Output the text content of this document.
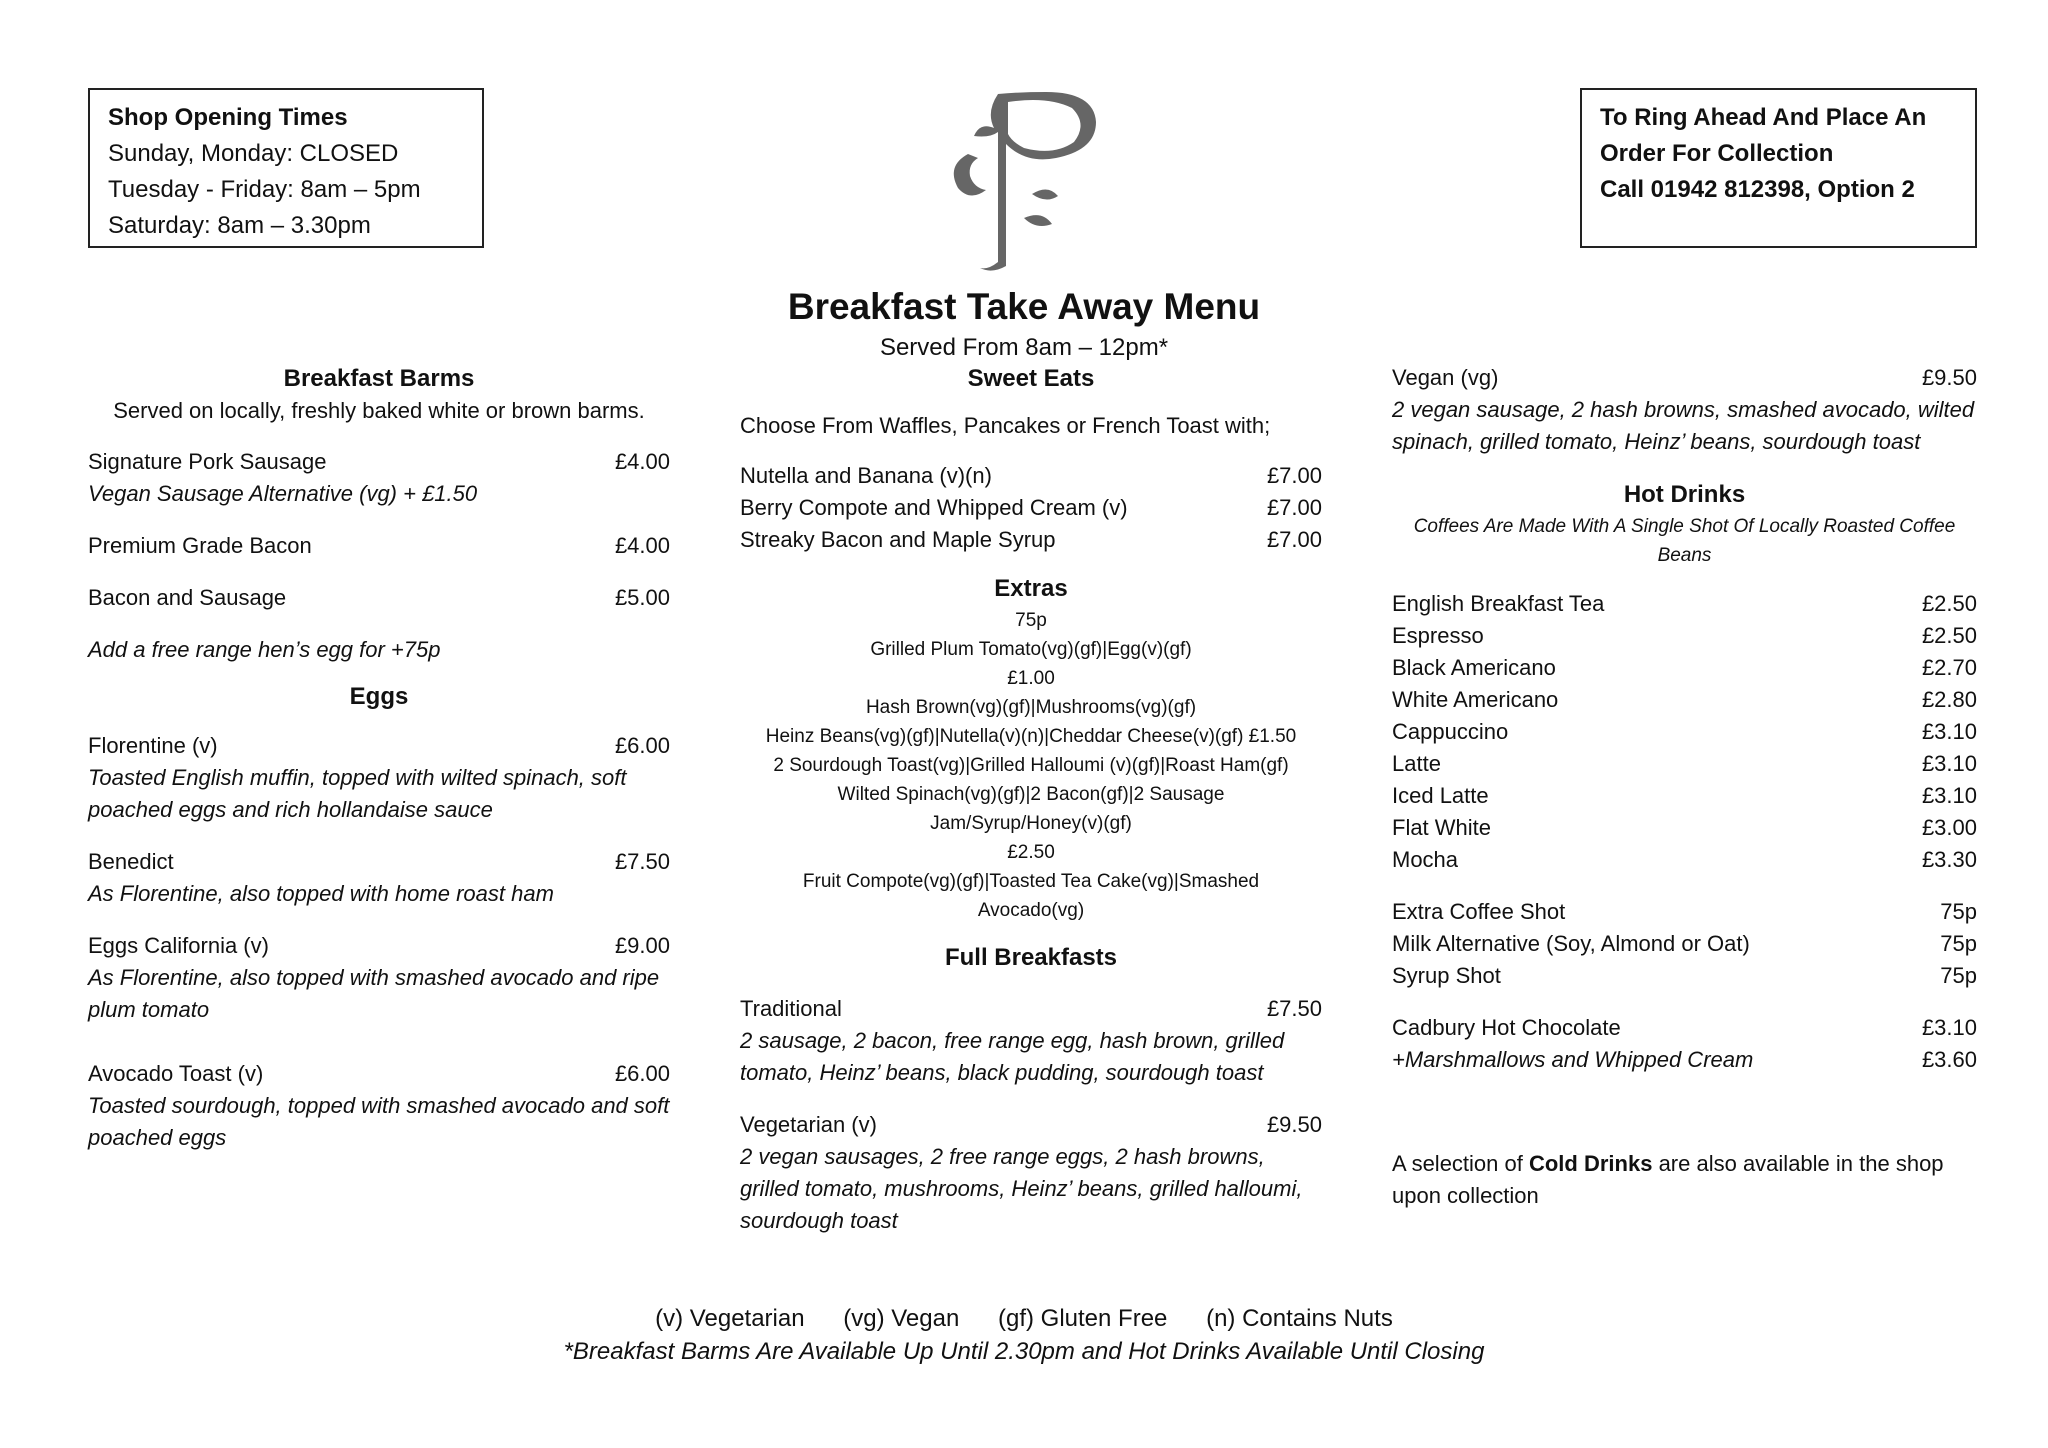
Shop Opening Times
Sunday, Monday: CLOSED
Tuesday - Friday: 8am – 5pm
Saturday: 8am – 3.30pm
Breakfast Take Away Menu
Served From 8am – 12pm*
To Ring Ahead And Place An
Order For Collection
Call 01942 812398, Option 2
Breakfast Barms
Served on locally, freshly baked white or brown barms.
Signature Pork Sausage	£4.00
Vegan Sausage Alternative (vg) + £1.50
Premium Grade Bacon	£4.00
Bacon and Sausage	£5.00
Add a free range hen’s egg for +75p
Eggs
Florentine (v)	£6.00
Toasted English muffin, topped with wilted spinach, soft poached eggs and rich hollandaise sauce
Benedict	£7.50
As Florentine, also topped with home roast ham
Eggs California (v)	£9.00
As Florentine, also topped with smashed avocado and ripe plum tomato
Avocado Toast (v)	£6.00
Toasted sourdough, topped with smashed avocado and soft poached eggs
Sweet Eats
Choose From Waffles, Pancakes or French Toast with;
Nutella and Banana (v)(n)	£7.00
Berry Compote and Whipped Cream (v)	£7.00
Streaky Bacon and Maple Syrup	£7.00
Extras
75p
Grilled Plum Tomato(vg)(gf)|Egg(v)(gf)
£1.00
Hash Brown(vg)(gf)|Mushrooms(vg)(gf)
Heinz Beans(vg)(gf)|Nutella(v)(n)|Cheddar Cheese(v)(gf) £1.50
2 Sourdough Toast(vg)|Grilled Halloumi (v)(gf)|Roast Ham(gf)
Wilted Spinach(vg)(gf)|2 Bacon(gf)|2 Sausage
Jam/Syrup/Honey(v)(gf)
£2.50
Fruit Compote(vg)(gf)|Toasted Tea Cake(vg)|Smashed
Avocado(vg)
Full Breakfasts
Traditional	£7.50
2 sausage, 2 bacon, free range egg, hash brown, grilled tomato, Heinz’ beans, black pudding, sourdough toast
Vegetarian (v)	£9.50
2 vegan sausages, 2 free range eggs, 2 hash browns, grilled tomato, mushrooms, Heinz’ beans, grilled halloumi, sourdough toast
Vegan (vg)	£9.50
2 vegan sausage, 2 hash browns, smashed avocado, wilted spinach, grilled tomato, Heinz’ beans, sourdough toast
Hot Drinks
Coffees Are Made With A Single Shot Of Locally Roasted Coffee Beans
English Breakfast Tea	£2.50
Espresso	£2.50
Black Americano	£2.70
White Americano	£2.80
Cappuccino	£3.10
Latte	£3.10
Iced Latte	£3.10
Flat White	£3.00
Mocha	£3.30
Extra Coffee Shot	75p
Milk Alternative (Soy, Almond or Oat)	75p
Syrup Shot	75p
Cadbury Hot Chocolate	£3.10
+Marshmallows and Whipped Cream	£3.60
A selection of Cold Drinks are also available in the shop upon collection
(v) Vegetarian (vg) Vegan (gf) Gluten Free (n) Contains Nuts
*Breakfast Barms Are Available Up Until 2.30pm and Hot Drinks Available Until Closing
